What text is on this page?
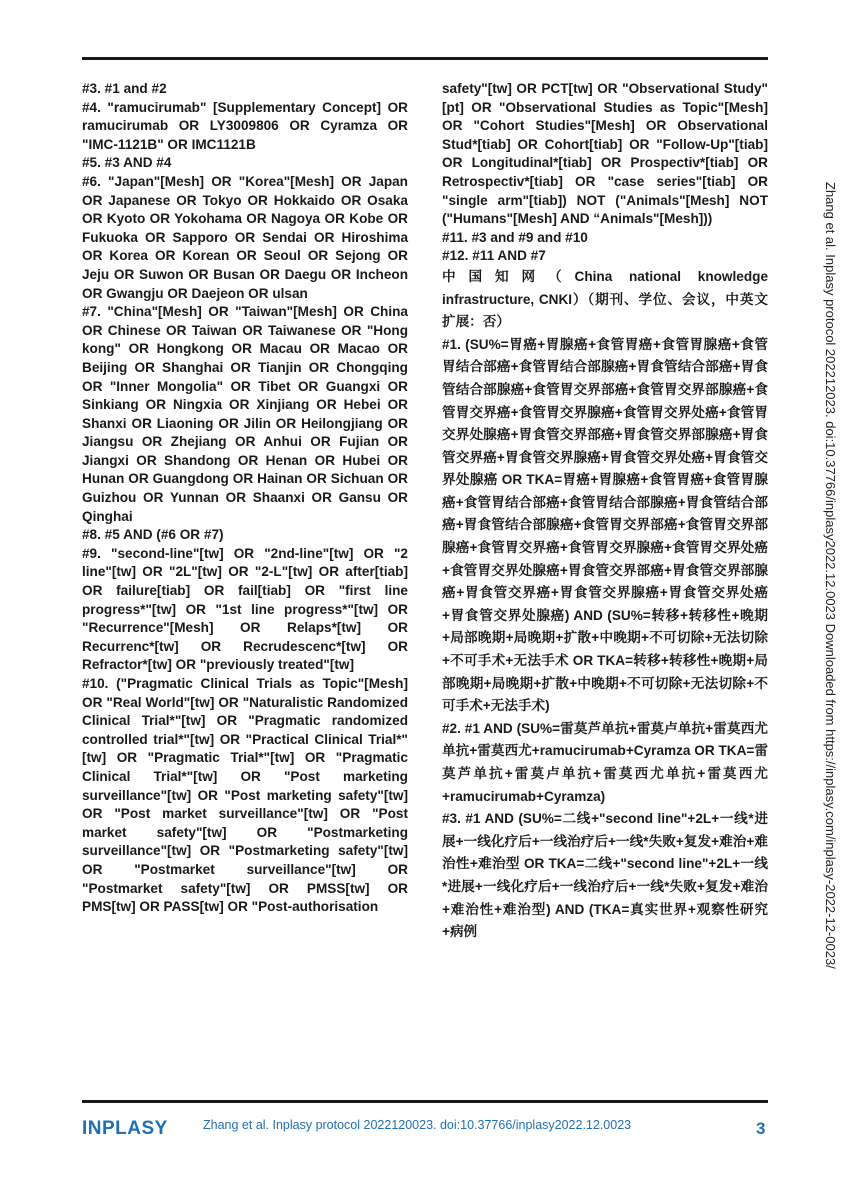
#3. #1 and #2

#4. "ramucirumab" [Supplementary Concept] OR ramucirumab OR LY3009806 OR Cyramza OR "IMC-1121B" OR IMC1121B

#5. #3 AND #4

#6. "Japan"[Mesh] OR "Korea"[Mesh] OR Japan OR Japanese OR Tokyo OR Hokkaido OR Osaka OR Kyoto OR Yokohama OR Nagoya OR Kobe OR Fukuoka OR Sapporo OR Sendai OR Hiroshima OR Korea OR Korean OR Seoul OR Sejong OR Jeju OR Suwon OR Busan OR Daegu OR Incheon OR Gwangju OR Daejeon OR ulsan

#7. "China"[Mesh] OR "Taiwan"[Mesh] OR China OR Chinese OR Taiwan OR Taiwanese OR "Hong kong" OR Hongkong OR Macau OR Macao OR Beijing OR Shanghai OR Tianjin OR Chongqing OR "Inner Mongolia" OR Tibet OR Guangxi OR Sinkiang OR Ningxia OR Xinjiang OR Hebei OR Shanxi OR Liaoning OR Jilin OR Heilongjiang OR Jiangsu OR Zhejiang OR Anhui OR Fujian OR Jiangxi OR Shandong OR Henan OR Hubei OR Hunan OR Guangdong OR Hainan OR Sichuan OR Guizhou OR Yunnan OR Shaanxi OR Gansu OR Qinghai

#8. #5 AND (#6 OR #7)

#9. "second-line"[tw] OR "2nd-line"[tw] OR "2 line"[tw] OR "2L"[tw] OR "2-L"[tw] OR after[tiab] OR failure[tiab] OR fail[tiab] OR "first line progress*"[tw] OR "1st line progress*"[tw] OR "Recurrence"[Mesh] OR Relaps*[tw] OR Recurrenc*[tw] OR Recrudescenc*[tw] OR Refractor*[tw] OR "previously treated"[tw]

#10. ("Pragmatic Clinical Trials as Topic"[Mesh] OR "Real World"[tw] OR "Naturalistic Randomized Clinical Trial*"[tw] OR "Pragmatic randomized controlled trial*"[tw] OR "Practical Clinical Trial*"[tw] OR "Pragmatic Trial*"[tw] OR "Pragmatic Clinical Trial*"[tw] OR "Post marketing surveillance"[tw] OR "Post marketing safety"[tw] OR "Post market surveillance"[tw] OR "Post market safety"[tw] OR "Postmarketing surveillance"[tw] OR "Postmarketing safety"[tw] OR "Postmarket surveillance"[tw] OR "Postmarket safety"[tw] OR PMSS[tw] OR PMS[tw] OR PASS[tw] OR "Post-authorisation

safety"[tw] OR PCT[tw] OR "Observational Study"[pt] OR "Observational Studies as Topic"[Mesh] OR "Cohort Studies"[Mesh] OR Observational Stud*[tiab] OR Cohort[tiab] OR "Follow-Up"[tiab] OR Longitudinal*[tiab] OR Prospectiv*[tiab] OR Retrospectiv*[tiab] OR "case series"[tiab] OR "single arm"[tiab]) NOT ("Animals"[Mesh] NOT ("Humans"[Mesh] AND “Animals"[Mesh]))

#11. #3 and #9 and #10

#12. #11 AND #7

中国知网（China national knowledge infrastructure, CNKI）（期刊、学位、会议，中英文扩展：否）

#1. (SU%=胃癌+胃腺癌+食管胃癌+食管胃腺癌+食管胃结合部癌+食管胃结合部腺癌+胃食管结合部癌+胃食管结合部腺癌+食管胃交界部癌+食管胃交界部腺癌+食管胃交界癌+食管胃交界腺癌+食管胃交界处癌+食管胃交界处腺癌+胃食管交界部癌+胃食管交界部腺癌+胃食管交界癌+胃食管交界腺癌+胃食管交界处癌+胃食管交界处腺癌 OR TKA=胃癌+胃腺癌+食管胃癌+食管胃腺癌+食管胃结合部癌+食管胃结合部腺癌+胃食管结合部癌+胃食管结合部腺癌+食管胃交界部癌+食管胃交界部腺癌+食管胃交界癌+食管胃交界腺癌+食管胃交界处癌+食管胃交界处腺癌+胃食管交界部癌+胃食管交界部腺癌+胃食管交界癌+胃食管交界腺癌+胃食管交界处癌+胃食管交界处腺癌) AND (SU%=转移+转移性+晚期+局部晚期+局晚期+扩散+中晚期+不可切除+无法切除+不可手术+无法手术 OR TKA=转移+转移性+晚期+局部晚期+局晚期+扩散+中晚期+不可切除+无法切除+不可手术+无法手术)

#2. #1 AND (SU%=雷莫芦单抗+雷莫卢单抗+雷莫西尤单抗+雷莫西尤+ramucirumab+Cyramza OR TKA=雷莫芦单抗+雷莫卢单抗+雷莫西尤单抗+雷莫西尤+ramucirumab+Cyramza)

#3. #1 AND (SU%=二线+"second line"+2L+一线*进展+一线化疗后+一线治疗后+一线*失败+复发+难治+难治性+难治型 OR TKA=二线+"second line"+2L+一线*进展+一线化疗后+一线治疗后+一线*失败+复发+难治+难治性+难治型) AND (TKA=真实世界+观察性研究+病例	Zhang et al. Inplasy protocol 202212023. doi:10.37766/inplasy2022.12.0023 Downloaded from https://inplasy.com/inplasy-2022-12-0023/
INPLASY	Zhang et al. Inplasy protocol 2022120023. doi:10.37766/inplasy2022.12.0023	3
